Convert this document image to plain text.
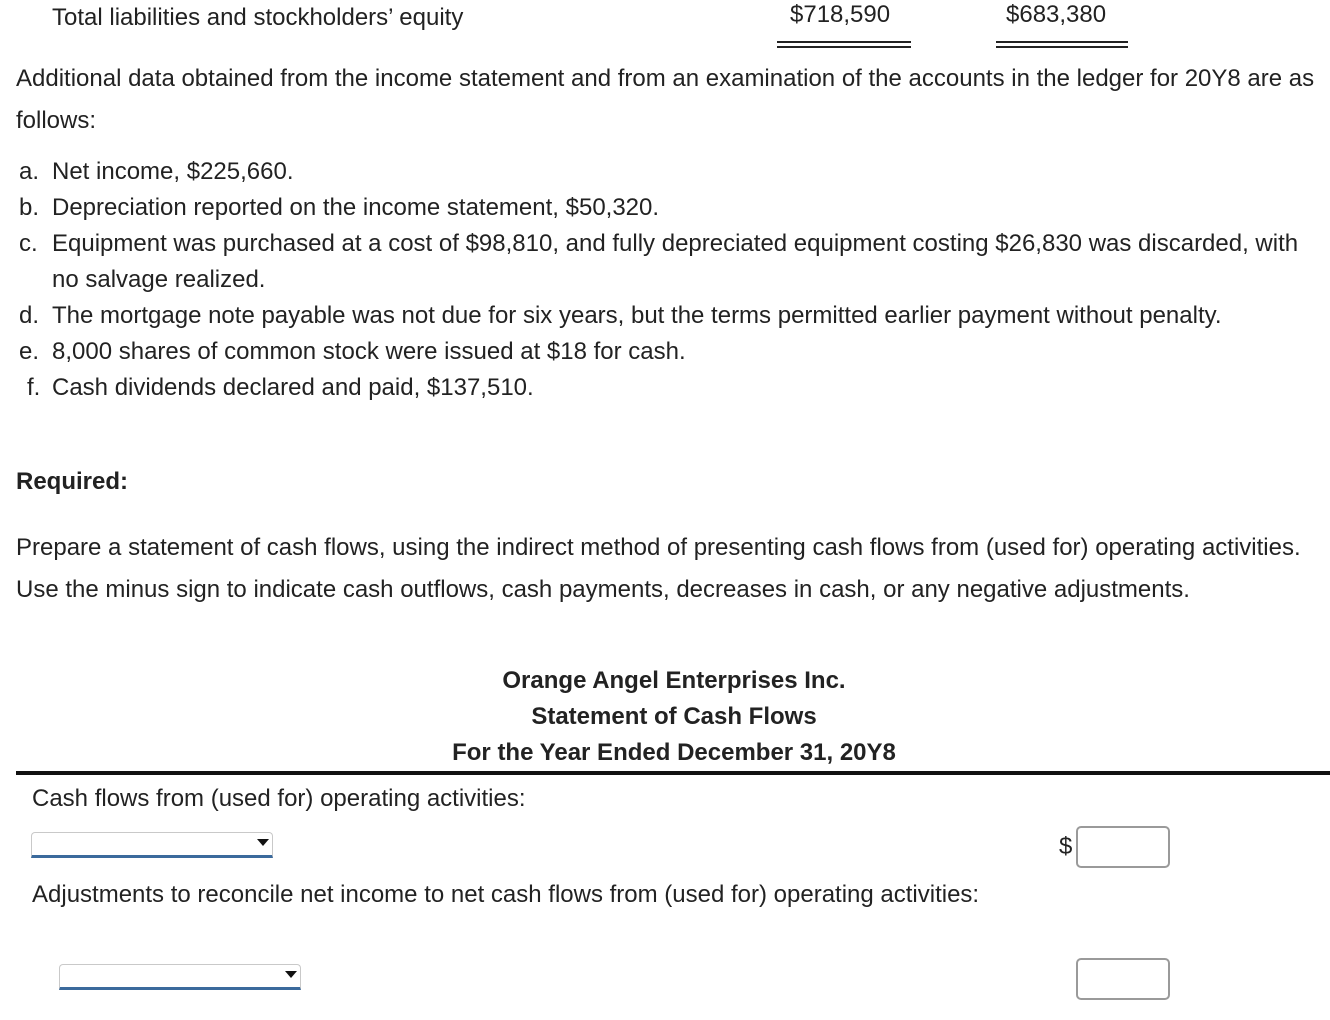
Total liabilities and stockholders’ equity	$718,590	$683,380
Additional data obtained from the income statement and from an examination of the accounts in the ledger for 20Y8 are as follows:
a. Net income, $225,660.
b. Depreciation reported on the income statement, $50,320.
c. Equipment was purchased at a cost of $98,810, and fully depreciated equipment costing $26,830 was discarded, with no salvage realized.
d. The mortgage note payable was not due for six years, but the terms permitted earlier payment without penalty.
e. 8,000 shares of common stock were issued at $18 for cash.
f. Cash dividends declared and paid, $137,510.
Required:
Prepare a statement of cash flows, using the indirect method of presenting cash flows from (used for) operating activities. Use the minus sign to indicate cash outflows, cash payments, decreases in cash, or any negative adjustments.
Orange Angel Enterprises Inc.
Statement of Cash Flows
For the Year Ended December 31, 20Y8
Cash flows from (used for) operating activities:
$
Adjustments to reconcile net income to net cash flows from (used for) operating activities:
